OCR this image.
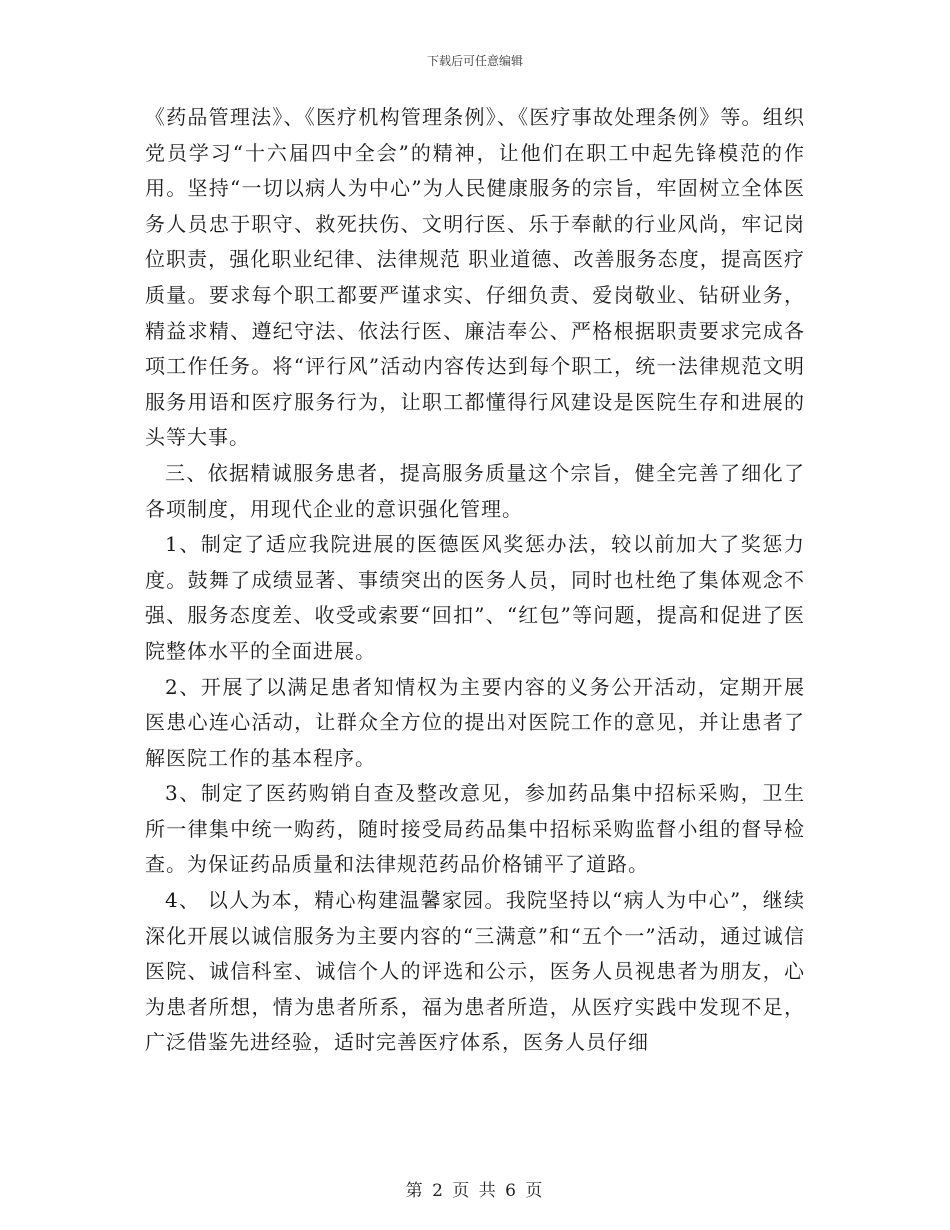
下载后可任意编辑

《药品管理法》、《医疗机构管理条例》、《医疗事故处理条例》等。组织党员学习“十六届四中全会”的精神，让他们在职工中起先锋模范的作用。坚持“一切以病人为中心”为人民健康服务的宗旨，牢固树立全体医务人员忠于职守、救死扶伤、文明行医、乐于奉献的行业风尚，牢记岗位职责，强化职业纪律、法律规范 职业道德、改善服务态度，提高医疗质量。要求每个职工都要严谨求实、仔细负责、爱岗敬业、钻研业务，精益求精、遵纪守法、依法行医、廉洁奉公、严格根据职责要求完成各项工作任务。将“评行风”活动内容传达到每个职工，统一法律规范文明服务用语和医疗服务行为，让职工都懂得行风建设是医院生存和进展的头等大事。

三、依据精诚服务患者，提高服务质量这个宗旨，健全完善了细化了各项制度，用现代企业的意识强化管理。

1、制定了适应我院进展的医德医风奖惩办法，较以前加大了奖惩力度。鼓舞了成绩显著、事绩突出的医务人员，同时也杜绝了集体观念不强、服务态度差、收受或索要“回扣”、“红包”等问题，提高和促进了医院整体水平的全面进展。

2、开展了以满足患者知情权为主要内容的义务公开活动，定期开展医患心连心活动，让群众全方位的提出对医院工作的意见，并让患者了解医院工作的基本程序。

3、制定了医药购销自查及整改意见，参加药品集中招标采购，卫生所一律集中统一购药，随时接受局药品集中招标采购监督小组的督导检查。为保证药品质量和法律规范药品价格铺平了道路。

4、 以人为本，精心构建温馨家园。我院坚持以“病人为中心”，继续深化开展以诚信服务为主要内容的“三满意”和“五个一”活动，通过诚信医院、诚信科室、诚信个人的评选和公示，医务人员视患者为朋友，心为患者所想，情为患者所系，福为患者所造，从医疗实践中发现不足，广泛借鉴先进经验，适时完善医疗体系，医务人员仔细

第 2 页 共 6 页
